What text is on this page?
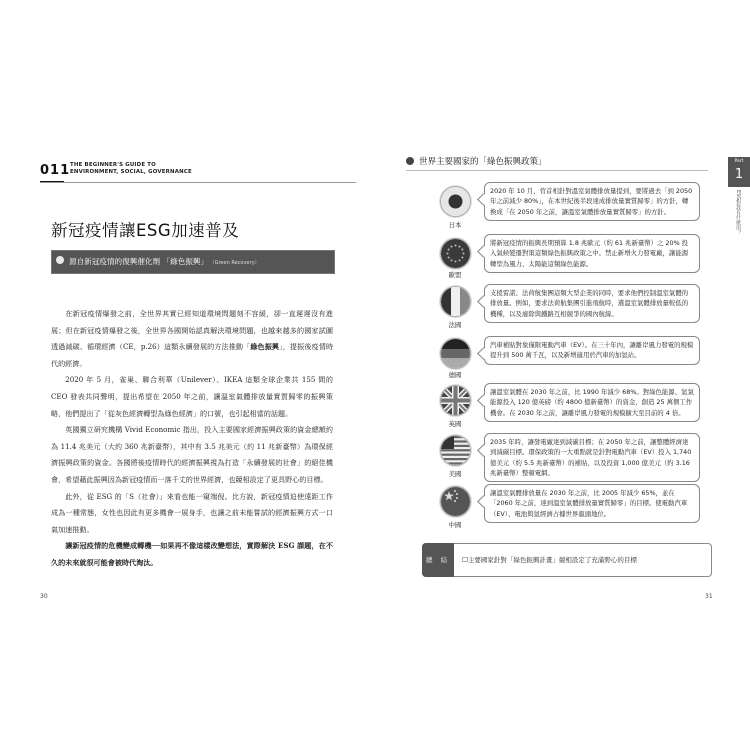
011 THE BEGINNER'S GUIDE TO
ENVIRONMENT, SOCIAL, GOVERNANCE
新冠疫情讓ESG加速普及
源自新冠疫情的復興催化劑 「綠色振興」 （Green Recovery）

在新冠疫情爆發之前，全世界其實已經知道環境問題刻不容緩，卻一直遲遲沒有進展；但在新冠疫情爆發之後，全世界各國開始認真解決環境問題，也越來越多的國家試圖透過減碳、循環經濟（CE，p.26）這類永續發展的方法推動「綠色振興」，提振後疫情時代的經濟。

2020 年 5 月，雀巢、聯合利華（Unilever）、IKEA 這類全球企業共 155 間的 CEO 發表共同聲明，提出希望在 2050 年之前，讓溫室氣體排放量實質歸零的振興策略，他們提出了「從灰色經濟轉型為綠色經濟」的口號，也引起相當的話題。

英國獨立研究機構 Vivid Economic 指出，投入主要國家經濟振興政策的資金總額約為 11.4 兆美元（大約 360 兆新臺幣），其中有 3.5 兆美元（約 11 兆新臺幣）為環保經濟振興政策的資金。各國將後疫情時代的經濟振興視為打造「永續發展的社會」的絕佳機會，希望藉此振興因為新冠疫情而一落千丈的世界經濟，也競相設定了更具野心的目標。

此外，從 ESG 的「S（社會）」來看也能一窺端倪。比方說，新冠疫情迫使遠距工作成為一種常態，女性也因此有更多機會一展身手，也讓之前未能嘗試的經濟振興方式一口氣加速推動。

讓新冠疫情的危機變成轉機──如果再不像這樣改變想法，實際解決 ESG 課題，在不久的未來就很可能會被時代淘汰。

30
世界主要國家的「綠色振興政策」	Part
1
ESG對我有什麼用？
日本
2020 年 10 月，菅首相針對溫室氣體排放量提到，要將過去「到 2050 年之前減少 80%」，在本世紀後半段達成排放量實質歸零」的方針，轉換成「在 2050 年之前，讓溫室氣體排放量實質歸零」的方針。
歐盟
將新冠疫情的振興長期預算 1.8 兆歐元（約 61 兆新臺幣）之 20% 投入氣候變遷對策這類綠色振興政策之中。禁止新增火力發電廠，讓能源轉型為風力、太陽能這類綠色能源。
法國
支援雷諾、法荷航集團這類大型企業的同時，要求他們控制溫室氣體的排放量。例如，要求法荷航集團引進飛航時，選溫室氣體排放量較低的機種，以及廢除與鐵路互相競爭的國內航線。
德國
汽車補貼對象僅限電動汽車（EV）。在三十年內，讓離岸風力發電的規模提升到 500 萬千瓦，以及新增適用於汽車的加氫站。
英國
讓溫室氣體在 2030 年之前，比 1990 年減少 68%。對綠色能源、氫氣能源投入 120 億英磅（約 4800 億新臺幣）的資金，創造 25 萬個工作機會。在 2030 年之前，讓離岸風力發電的規模擴大至目前的 4 倍。
美國
2035 年時，讓發電廠達到減碳目標；在 2050 年之前，讓整體經濟達到減碳目標。環保政策的一大重點就是針對電動汽車（EV）投入 1,740 億美元（約 5.5 兆新臺幣）的補貼，以及投資 1,000 億美元（約 3.16 兆新臺幣）整頓電網。
中國
讓溫室氣體排放量在 2030 年之前，比 2005 年減少 65%，並在「2060 年之前，達到溫室氣體排放量實質歸零」的目標。使電動汽車（EV）、電池與氫經濟占據世界龍頭地位。
總 結 ☐主要國家針對「綠色振興計畫」競相設定了充滿野心的目標
31
